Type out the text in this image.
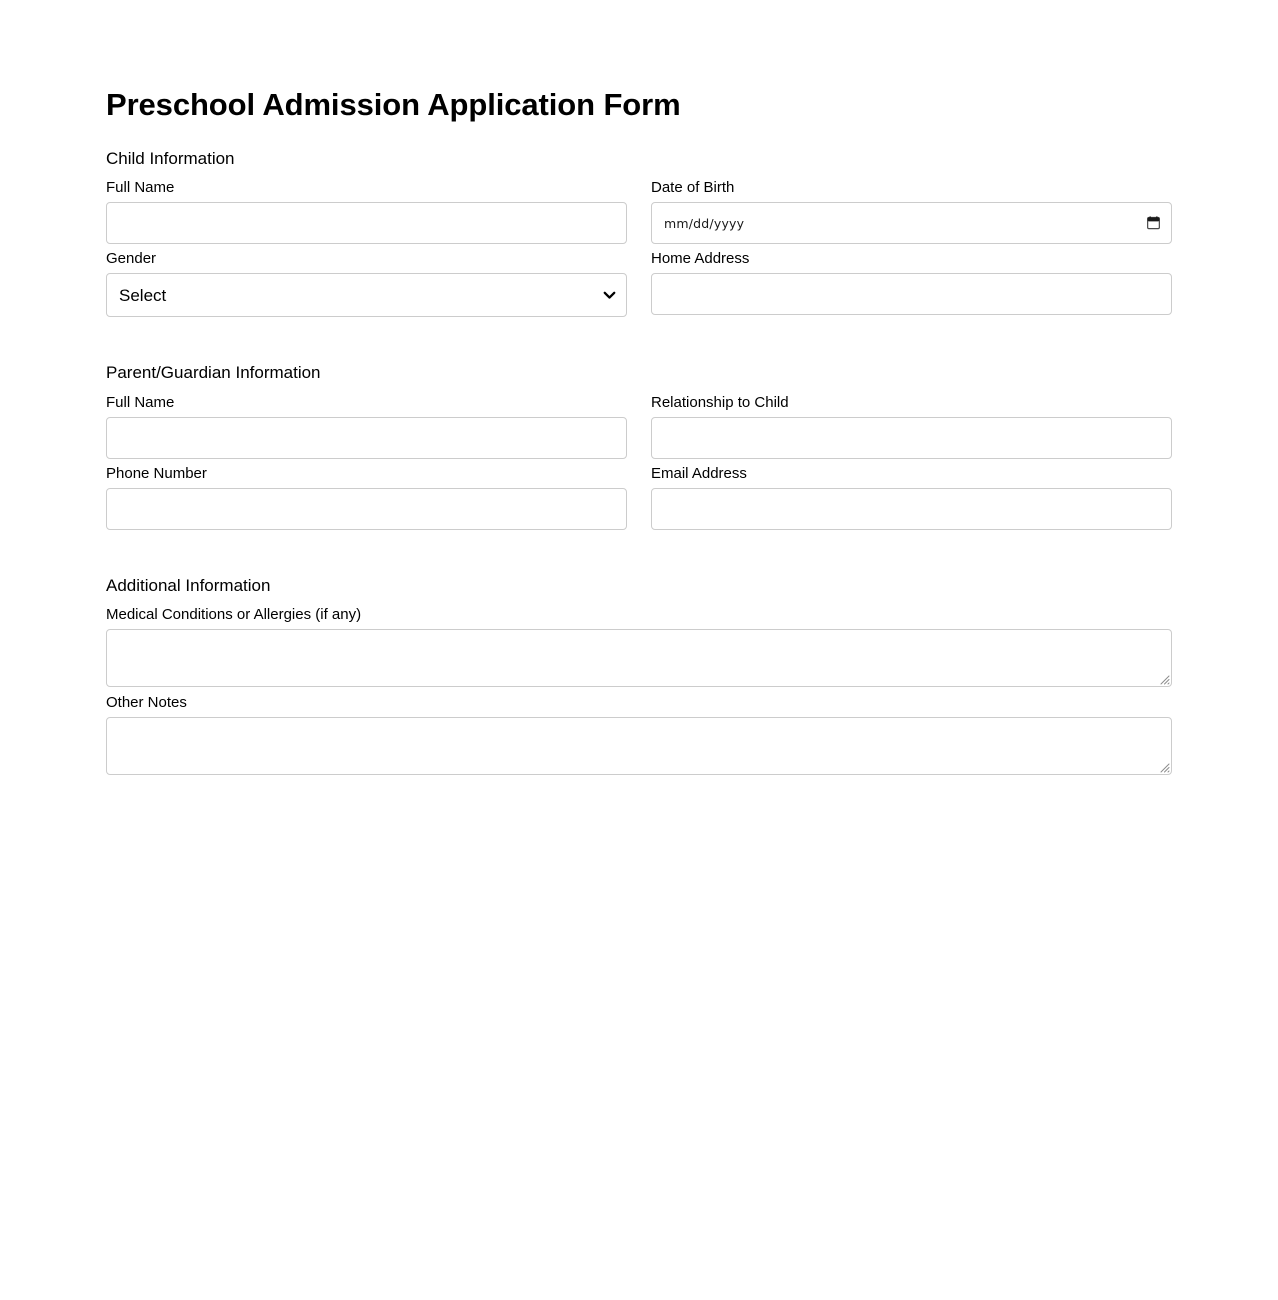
Preschool Admission Application Form
Child Information
Full Name
Gender
Select
Date of Birth
mm/dd/yyyy
Home Address
Parent/Guardian Information
Full Name
Phone Number
Relationship to Child
Email Address
Additional Information
Medical Conditions or Allergies (if any)
Other Notes
